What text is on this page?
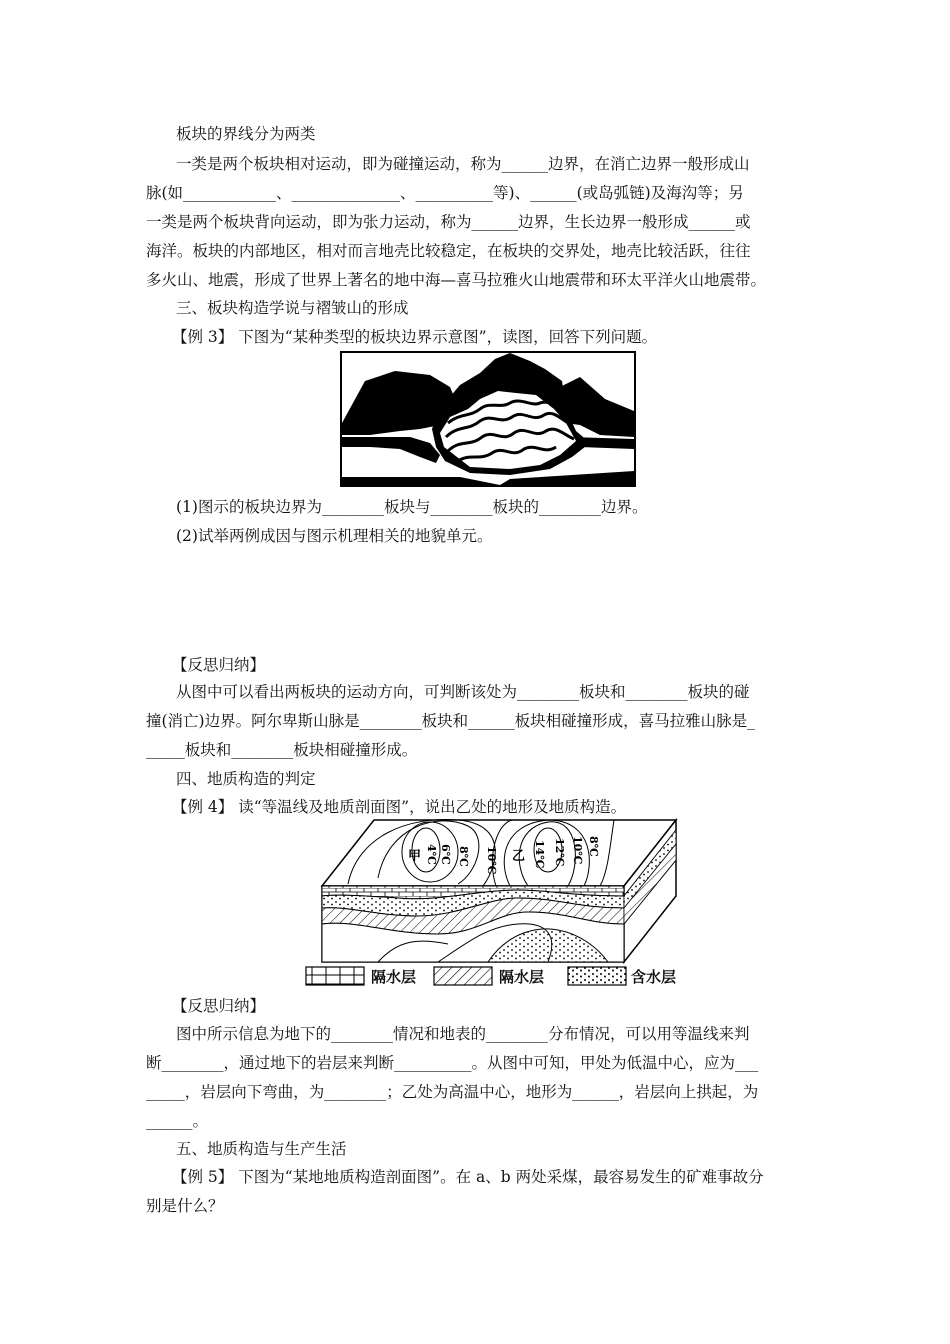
板块的界线分为两类
一类是两个板块相对运动，即为碰撞运动，称为______边界，在消亡边界一般形成山
脉(如____________、______________、__________等)、______(或岛弧链)及海沟等；另
一类是两个板块背向运动，即为张力运动，称为______边界，生长边界一般形成______或
海洋。板块的内部地区，相对而言地壳比较稳定，在板块的交界处，地壳比较活跃，往往
多火山、地震，形成了世界上著名的地中海—喜马拉雅火山地震带和环太平洋火山地震带。
三、板块构造学说与褶皱山的形成
【例 3】 下图为“某种类型的板块边界示意图”，读图，回答下列问题。
(1)图示的板块边界为________板块与________板块的________边界。
(2)试举两例成因与图示机理相关的地貌单元。
【反思归纳】
从图中可以看出两板块的运动方向，可判断该处为________板块和________板块的碰
撞(消亡)边界。阿尔卑斯山脉是________板块和______板块相碰撞形成，喜马拉雅山脉是_
_____板块和________板块相碰撞形成。
四、地质构造的判定
【例 4】 读“等温线及地质剖面图”，说出乙处的地形及地质构造。
甲 4℃ 6℃ 8℃ 10℃ 乙 14℃ 12℃ 10℃ 8℃
隔水层	隔水层	含水层
【反思归纳】
图中所示信息为地下的________情况和地表的________分布情况，可以用等温线来判
断________，通过地下的岩层来判断__________。从图中可知，甲处为低温中心，应为___
_____，岩层向下弯曲，为________；乙处为高温中心，地形为______，岩层向上拱起，为
______。
五、地质构造与生产生活
【例 5】 下图为“某地地质构造剖面图”。在 a、b 两处采煤，最容易发生的矿难事故分
别是什么？
